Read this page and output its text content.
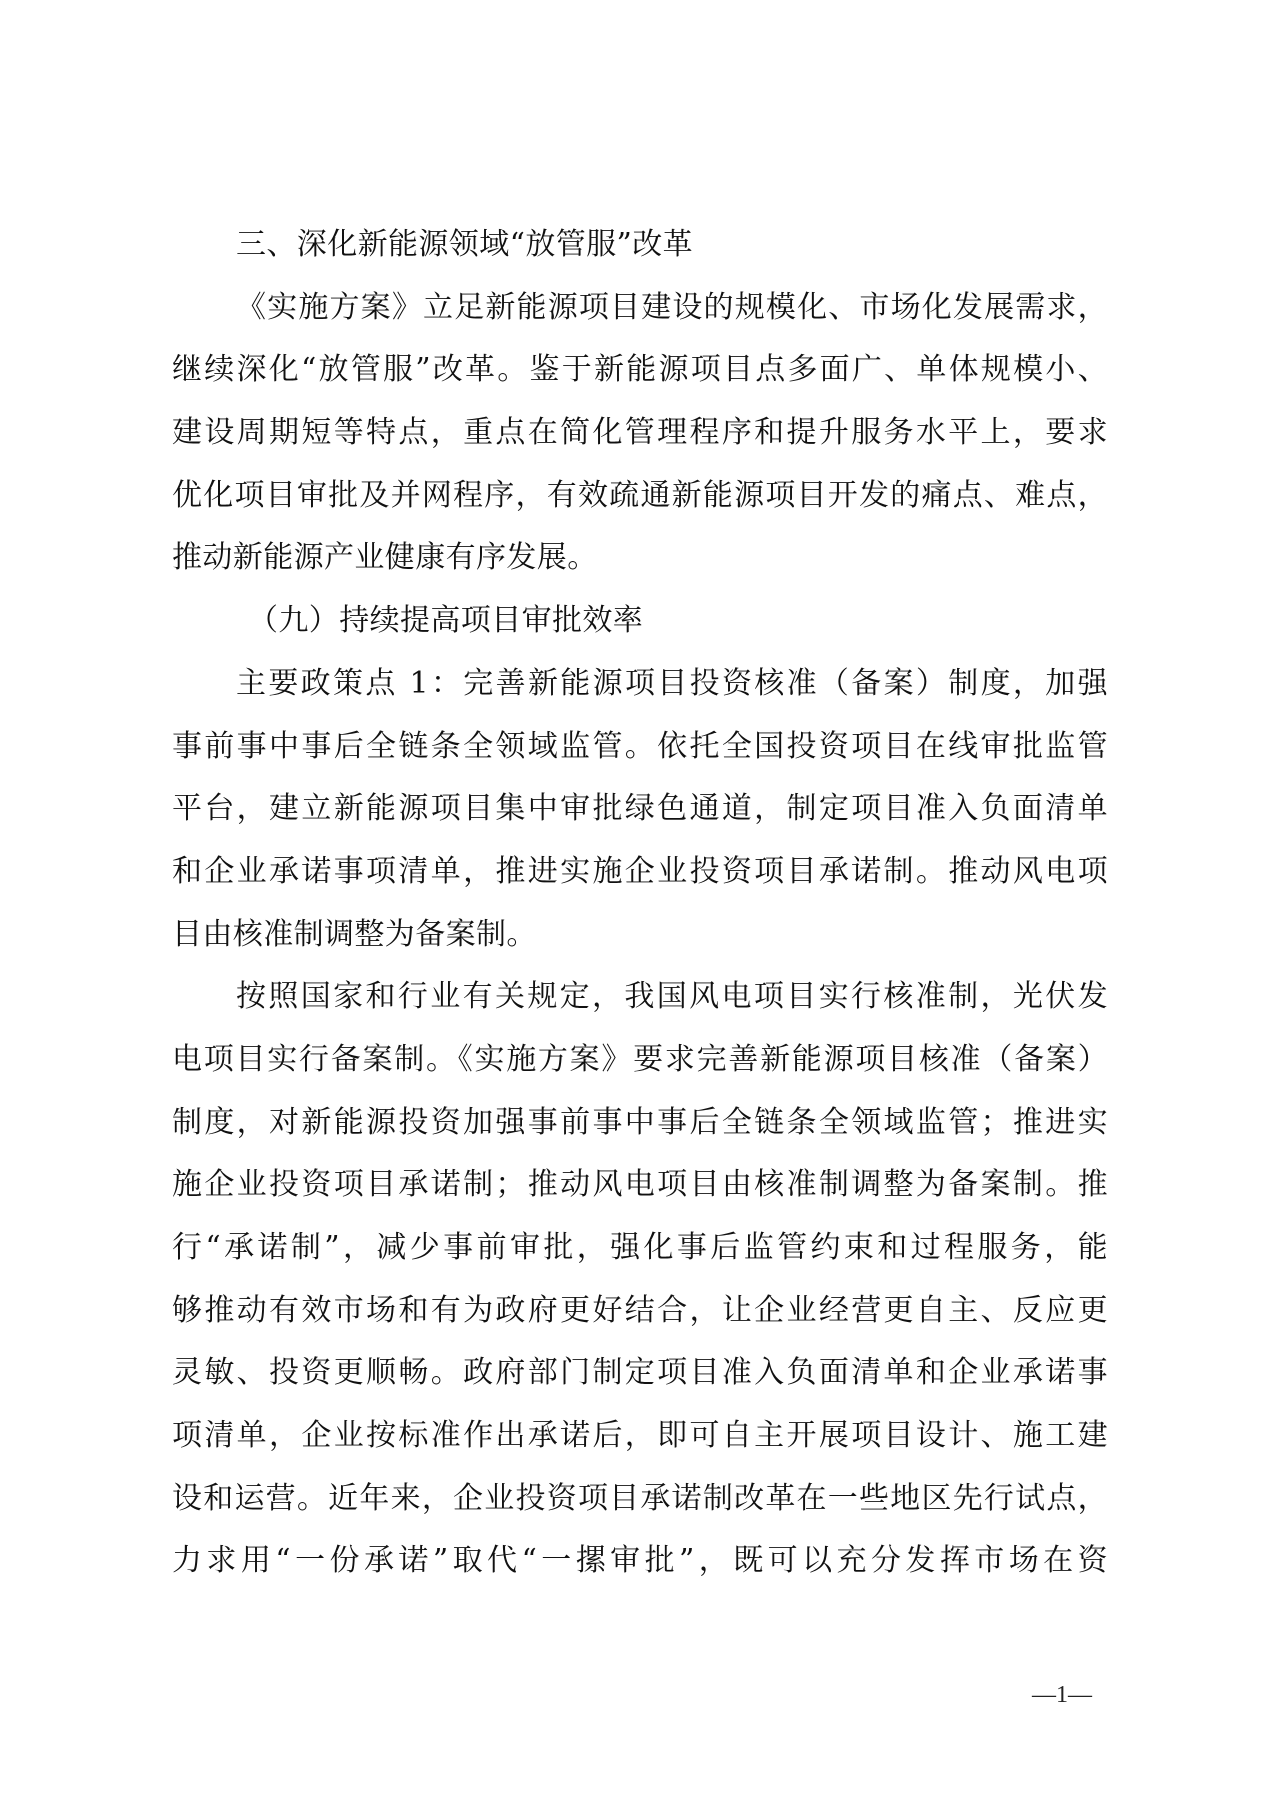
三、深化新能源领域“放管服”改革
《实施方案》立足新能源项目建设的规模化、市场化发展需求，
继续深化“放管服”改革。鉴于新能源项目点多面广、单体规模小、
建设周期短等特点，重点在简化管理程序和提升服务水平上，要求
优化项目审批及并网程序，有效疏通新能源项目开发的痛点、难点，
推动新能源产业健康有序发展。
（九）持续提高项目审批效率
主要政策点 1：完善新能源项目投资核准（备案）制度，加强
事前事中事后全链条全领域监管。依托全国投资项目在线审批监管
平台，建立新能源项目集中审批绿色通道，制定项目准入负面清单
和企业承诺事项清单，推进实施企业投资项目承诺制。推动风电项
目由核准制调整为备案制。
按照国家和行业有关规定，我国风电项目实行核准制，光伏发
电项目实行备案制。《实施方案》要求完善新能源项目核准（备案）
制度，对新能源投资加强事前事中事后全链条全领域监管；推进实
施企业投资项目承诺制；推动风电项目由核准制调整为备案制。推
行“承诺制”，减少事前审批，强化事后监管约束和过程服务，能
够推动有效市场和有为政府更好结合，让企业经营更自主、反应更
灵敏、投资更顺畅。政府部门制定项目准入负面清单和企业承诺事
项清单，企业按标准作出承诺后，即可自主开展项目设计、施工建
设和运营。近年来，企业投资项目承诺制改革在一些地区先行试点，
力求用“一份承诺”取代“一摞审批”，既可以充分发挥市场在资
—1—
